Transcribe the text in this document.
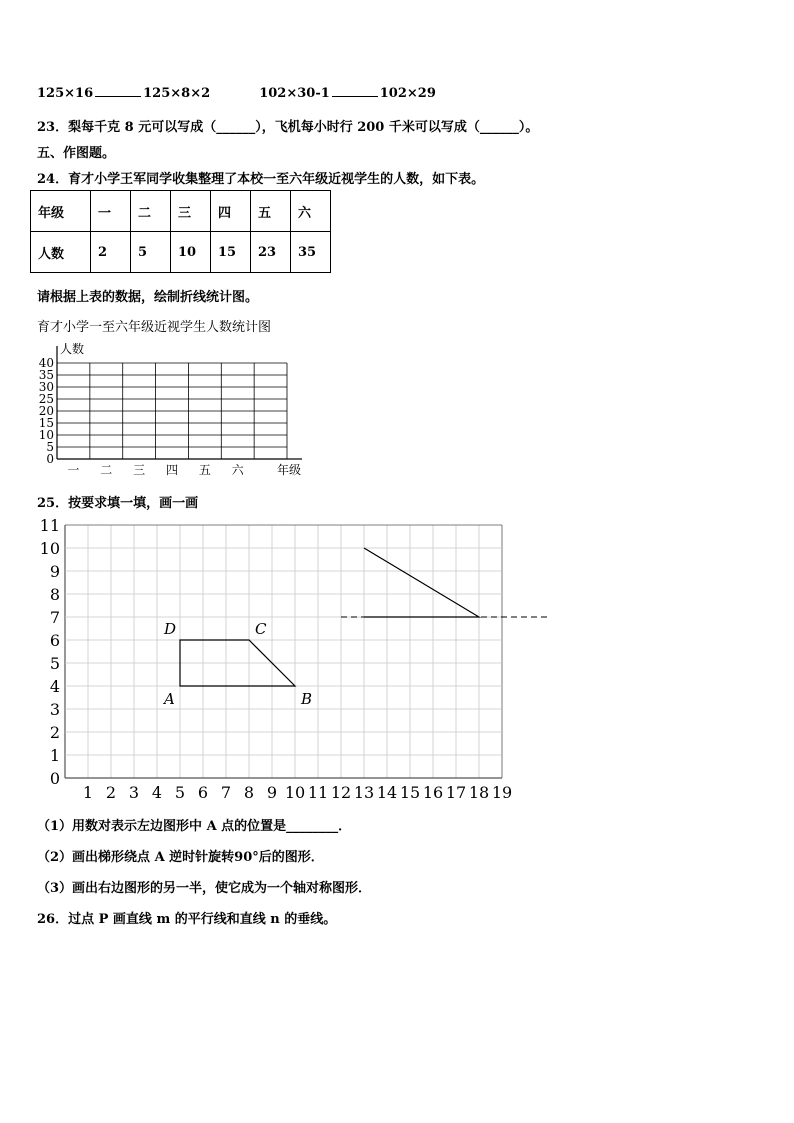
125×16	125×8×2	102×30-1	102×29
23．梨每千克 8 元可以写成（______），飞机每小时行 200 千米可以写成（______）。
五、作图题。
24．育才小学王军同学收集整理了本校一至六年级近视学生的人数，如下表。
年级	一	二	三	四	五	六
人数	2	5	10	15	23	35
请根据上表的数据，绘制折线统计图。
育才小学一至六年级近视学生人数统计图
0
5
10
15
20
25
30
35
40
一 二 三 四 五 六
人数
年级
25．按要求填一填，画一画
0
1
2
3
4
5
6
7
8
9
10
11
1 2 3 4 5 6 7 8 9 10 11 12 13 14 15 16 17 18 19
A	B
C
D
（1）用数对表示左边图形中 A 点的位置是________．
（2）画出梯形绕点 A 逆时针旋转90°后的图形．
（3）画出右边图形的另一半，使它成为一个轴对称图形．
26．过点 P 画直线 m 的平行线和直线 n 的垂线。
